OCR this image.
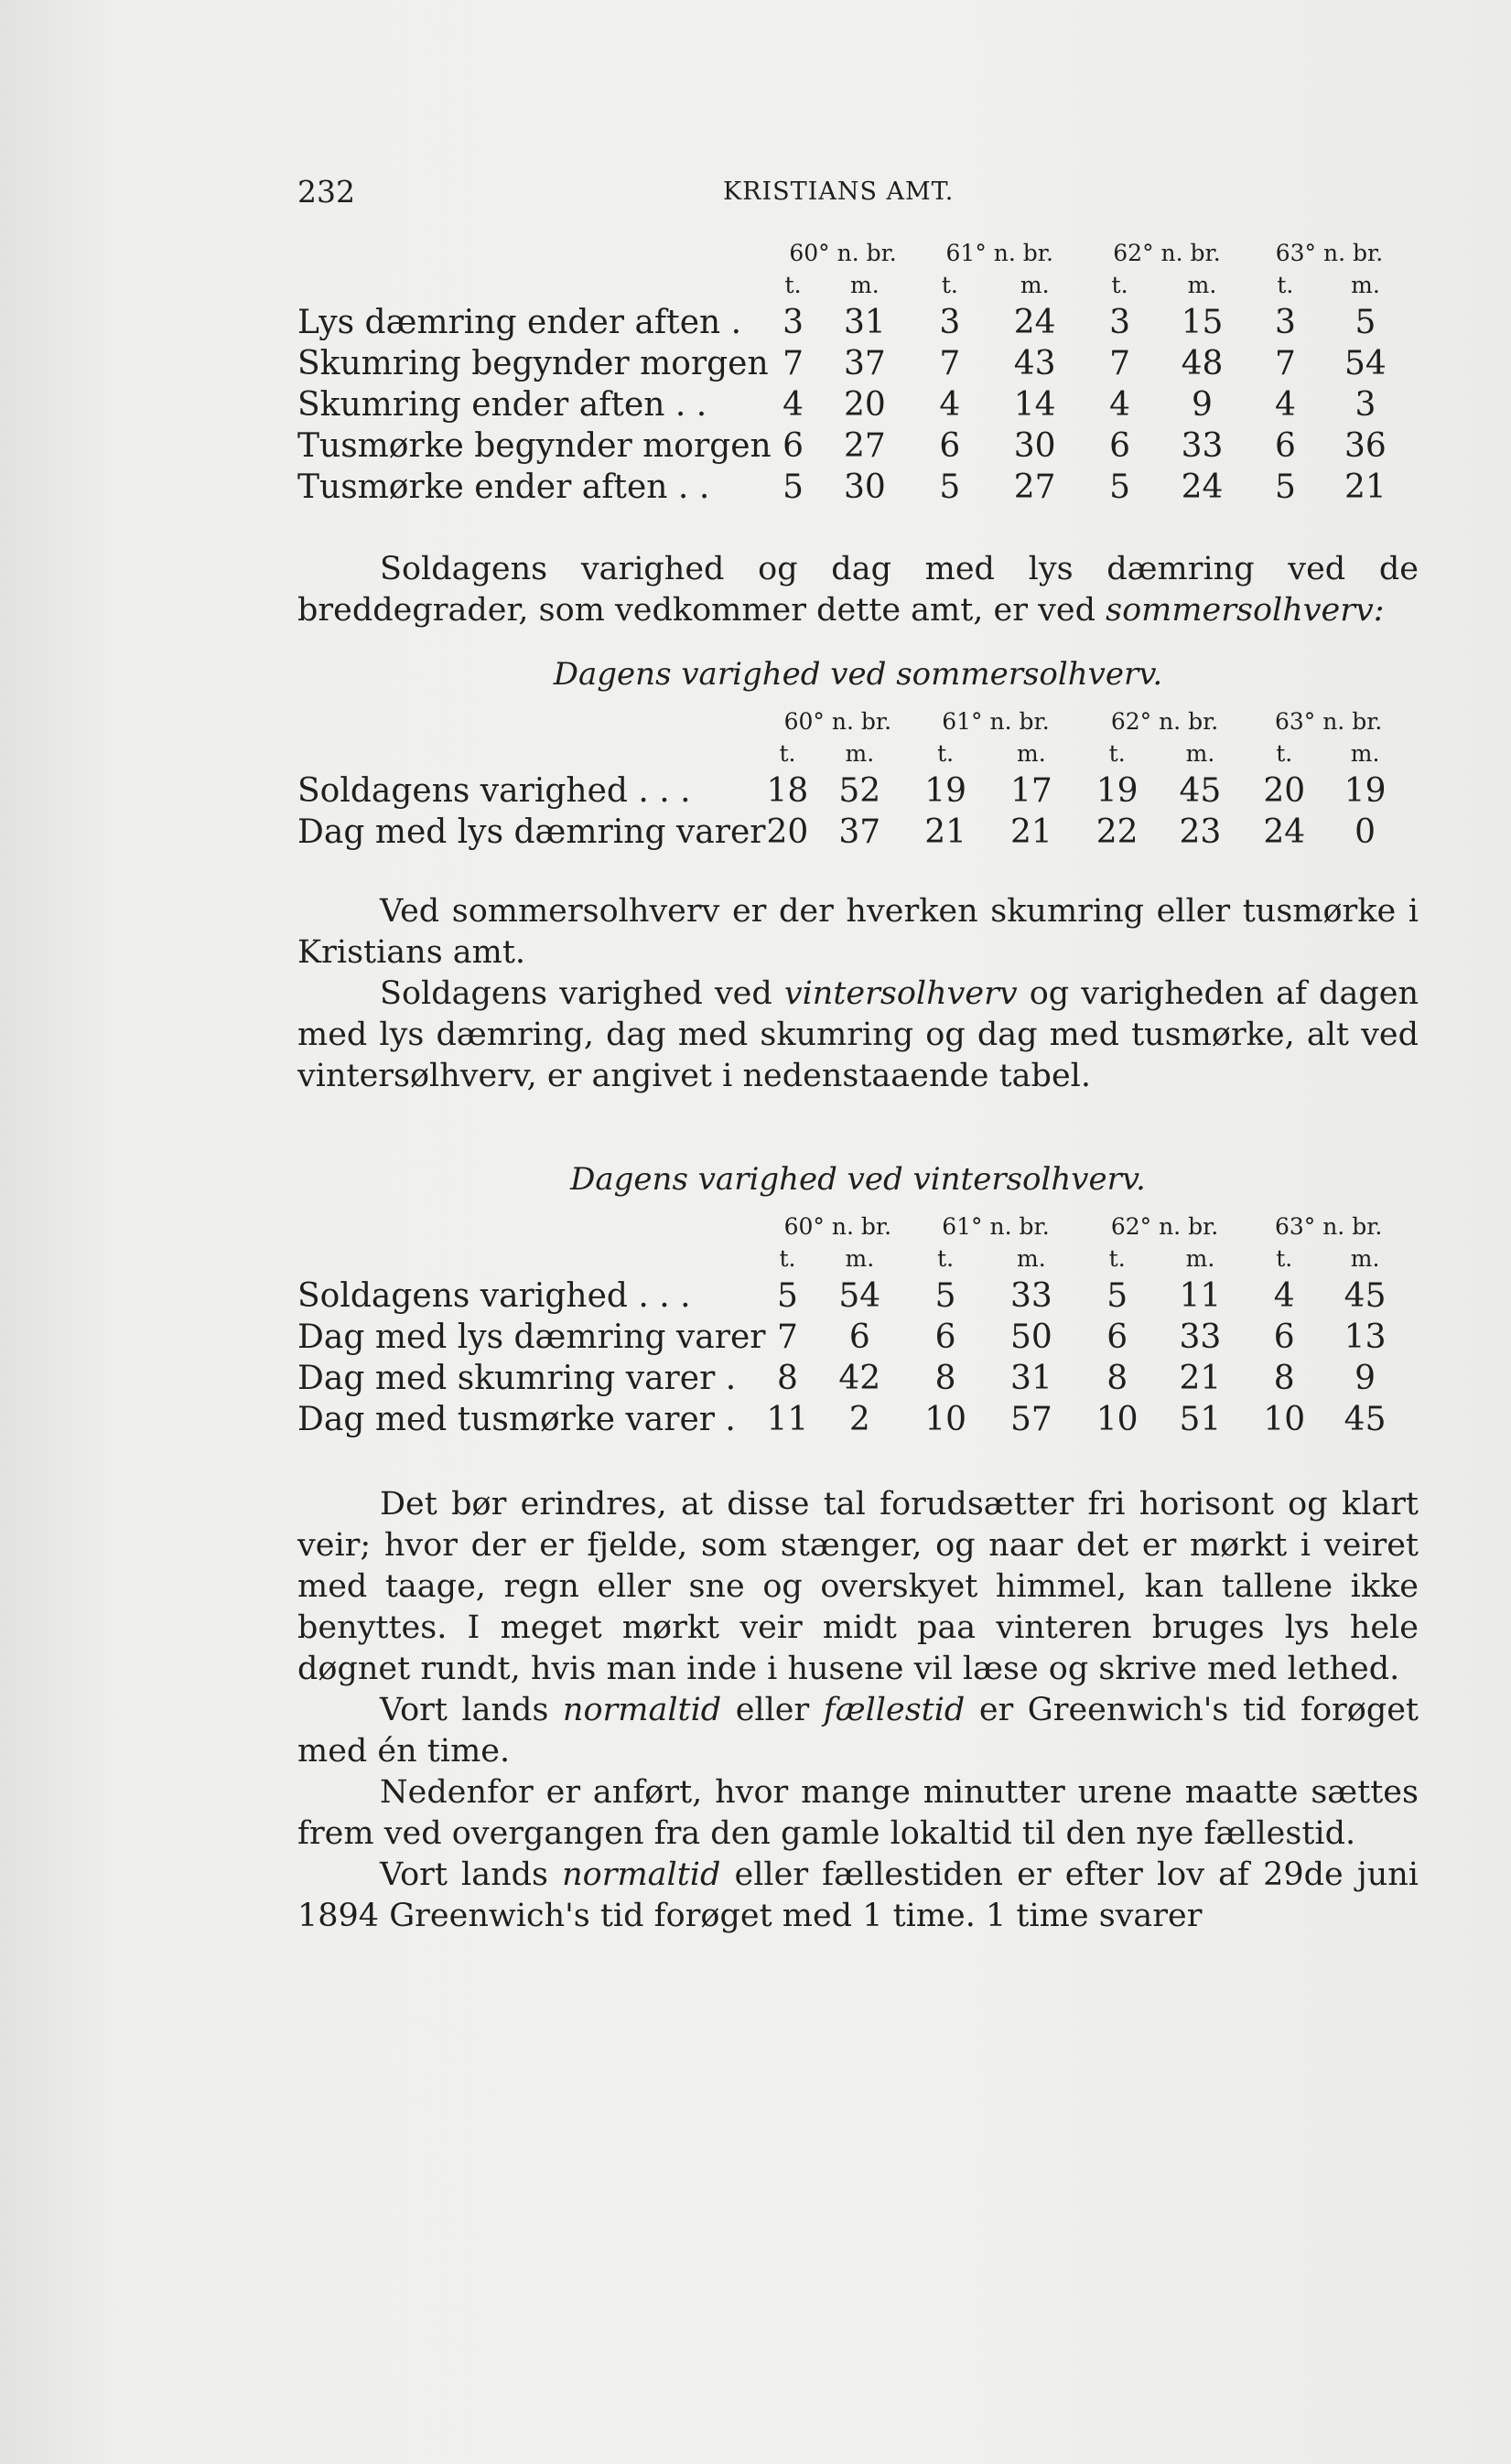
232	KRISTIANS AMT.
	60° n. br.		61° n. br.		62° n. br.		63° n. br.	
	t.	m.	t.	m.	t.	m.	t.	m.
Lys dæmring ender aften .	3	31	3	24	3	15	3	5
Skumring begynder morgen	7	37	7	43	7	48	7	54
Skumring ender aften . .	4	20	4	14	4	9	4	3
Tusmørke begynder morgen	6	27	6	30	6	33	6	36
Tusmørke ender aften . .	5	30	5	27	5	24	5	21

Soldagens varighed og dag med lys dæmring ved de breddegrader, som vedkommer dette amt, er ved sommersolhverv:

Dagens varighed ved sommersolhverv.
	60° n. br.		61° n. br.		62° n. br.		63° n. br.	
	t.	m.	t.	m.	t.	m.	t.	m.
Soldagens varighed . . .	18	52	19	17	19	45	20	19
Dag med lys dæmring varer	20	37	21	21	22	23	24	0

Ved sommersolhverv er der hverken skumring eller tusmørke i Kristians amt.

Soldagens varighed ved vintersolhverv og varigheden af dagen med lys dæmring, dag med skumring og dag med tusmørke, alt ved vintersølhverv, er angivet i nedenstaaende tabel.

Dagens varighed ved vintersolhverv.
	60° n. br.		61° n. br.		62° n. br.		63° n. br.	
	t.	m.	t.	m.	t.	m.	t.	m.
Soldagens varighed . . .	5	54	5	33	5	11	4	45
Dag med lys dæmring varer	7	6	6	50	6	33	6	13
Dag med skumring varer .	8	42	8	31	8	21	8	9
Dag med tusmørke varer .	11	2	10	57	10	51	10	45

Det bør erindres, at disse tal forudsætter fri horisont og klart veir; hvor der er fjelde, som stænger, og naar det er mørkt i veiret med taage, regn eller sne og overskyet himmel, kan tallene ikke benyttes. I meget mørkt veir midt paa vinteren bruges lys hele døgnet rundt, hvis man inde i husene vil læse og skrive med lethed.

Vort lands normaltid eller fællestid er Greenwich's tid forøget med én time.

Nedenfor er anført, hvor mange minutter urene maatte sættes frem ved overgangen fra den gamle lokaltid til den nye fællestid.

Vort lands normaltid eller fællestiden er efter lov af 29de juni 1894 Greenwich's tid forøget med 1 time. 1 time svarer
